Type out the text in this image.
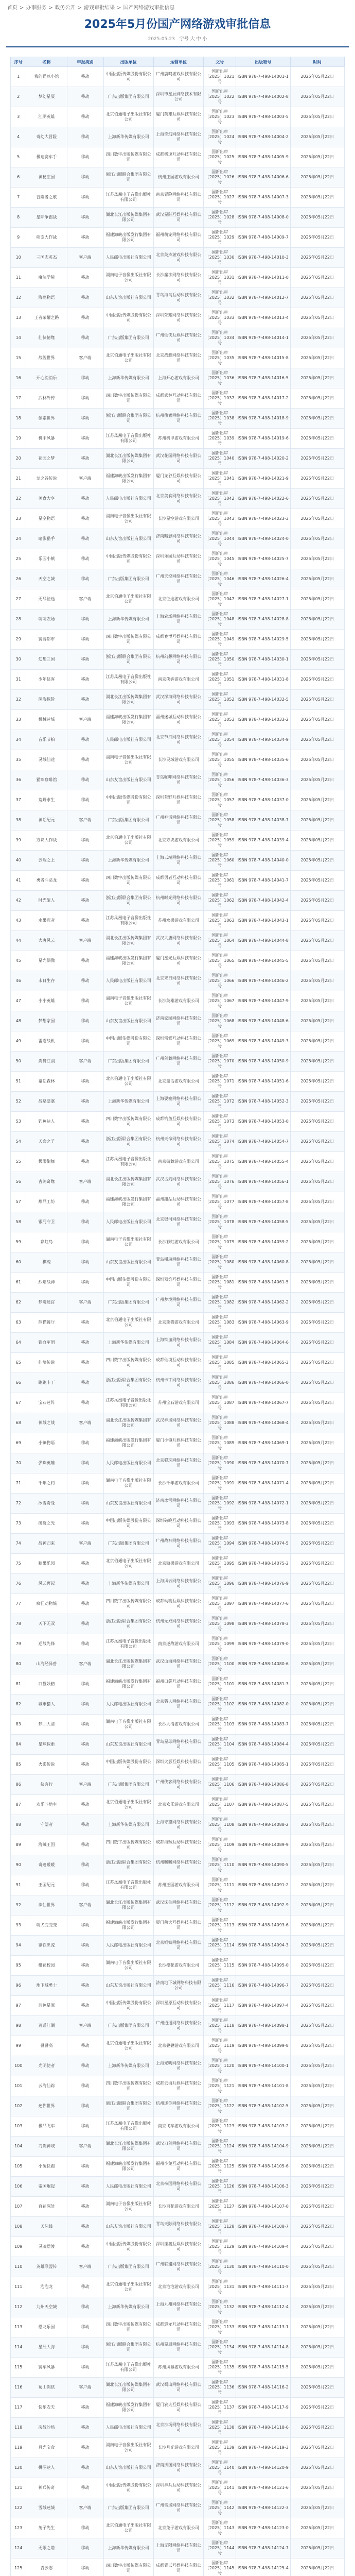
首页 > 办事服务 > 政务公开 > 游戏审批结果 > 国产网络游戏审批信息
2025年5月份国产网络游戏审批信息
2025-05-23 字号 大 中 小
序号	名称	申报类别	出版单位	运营单位	文号	出版物号	时间
1	我的猫咪小馆	移动	中国出版传媒股份有限公司	广州鹿鸣游戏科技有限公司	国新出审〔2025〕1021号	ISBN 978-7-498-14001-1	2025年05月22日
2	梦幻星辰	移动	广东出版集团有限公司	深圳市星辰网络技术有限公司	国新出审〔2025〕1022号	ISBN 978-7-498-14002-8	2025年05月22日
3	江湖英雄	移动	北京伯通电子出版社有限公司	厦门英雄互娱科技有限公司	国新出审〔2025〕1023号	ISBN 978-7-498-14003-5	2025年05月22日
4	奇幻大冒险	移动	上海新华传媒有限公司	上海奇幻网络科技有限公司	国新出审〔2025〕1024号	ISBN 978-7-498-14004-2	2025年05月22日
5	极速赛车手	移动	四川数字出版传媒有限公司	成都极速互动科技有限公司	国新出审〔2025〕1025号	ISBN 978-7-498-14005-9	2025年05月22日
6	神秘庄园	移动	浙江出版联合集团有限公司	杭州庄园游戏有限公司	国新出审〔2025〕1026号	ISBN 978-7-498-14006-6	2025年05月22日
7	冒险者之歌	移动	江苏凤凰电子音像出版社有限公司	南京冒险网络科技有限公司	国新出审〔2025〕1027号	ISBN 978-7-498-14007-3	2025年05月22日
8	星际争霸战	移动	湖北长江出版传媒集团有限公司	武汉星际互娱科技有限公司	国新出审〔2025〕1028号	ISBN 978-7-498-14008-0	2025年05月22日
9	萌宠大作战	移动	福建海峡出版发行集团有限公司	福州萌宠网络科技有限公司	国新出审〔2025〕1029号	ISBN 978-7-498-14009-7	2025年05月22日
10	三国志英杰	客户端	人民邮电出版社有限公司	北京英杰游戏科技有限公司	国新出审〔2025〕1030号	ISBN 978-7-498-14010-3	2025年05月22日
11	魔法学院	移动	湖南电子音像出版社有限公司	长沙魔法网络科技有限公司	国新出审〔2025〕1031号	ISBN 978-7-498-14011-0	2025年05月22日
12	海岛物语	移动	山东友谊出版社有限公司	青岛海岛互动科技有限公司	国新出审〔2025〕1032号	ISBN 978-7-498-14012-7	2025年05月22日
13	王者荣耀之路	移动	中国出版传媒股份有限公司	深圳荣耀网络科技有限公司	国新出审〔2025〕1033号	ISBN 978-7-498-14013-4	2025年05月22日
14	仙侠情缘	移动	广东出版集团有限公司	广州仙侠互娱科技有限公司	国新出审〔2025〕1034号	ISBN 978-7-498-14014-1	2025年05月22日
15	战舰世界	客户端	北京伯通电子出版社有限公司	北京战舰网络科技有限公司	国新出审〔2025〕1035号	ISBN 978-7-498-14015-8	2025年05月22日
16	开心消消乐	移动	上海新华传媒有限公司	上海开心游戏有限公司	国新出审〔2025〕1036号	ISBN 978-7-498-14016-5	2025年05月22日
17	武林外传	移动	四川数字出版传媒有限公司	成都武林互动科技有限公司	国新出审〔2025〕1037号	ISBN 978-7-498-14017-2	2025年05月22日
18	像素世界	移动	浙江出版联合集团有限公司	杭州像素网络科技有限公司	国新出审〔2025〕1038号	ISBN 978-7-498-14018-9	2025年05月22日
19	机甲风暴	移动	江苏凤凰电子音像出版社有限公司	苏州机甲游戏有限公司	国新出审〔2025〕1039号	ISBN 978-7-498-14019-6	2025年05月22日
20	花园之梦	移动	湖北长江出版传媒集团有限公司	武汉花园网络科技有限公司	国新出审〔2025〕1040号	ISBN 978-7-498-14020-2	2025年05月22日
21	龙之谷传说	客户端	福建海峡出版发行集团有限公司	厦门龙谷互娱科技有限公司	国新出审〔2025〕1041号	ISBN 978-7-498-14021-9	2025年05月22日
22	美食大亨	移动	人民邮电出版社有限公司	北京美食网络科技有限公司	国新出审〔2025〕1042号	ISBN 978-7-498-14022-6	2025年05月22日
23	星空物语	移动	湖南电子音像出版社有限公司	长沙星空游戏有限公司	国新出审〔2025〕1043号	ISBN 978-7-498-14023-3	2025年05月22日
24	暗影猎手	移动	山东友谊出版社有限公司	济南暗影网络科技有限公司	国新出审〔2025〕1044号	ISBN 978-7-498-14024-0	2025年05月22日
25	乐园小镇	移动	中国出版传媒股份有限公司	深圳乐园互动科技有限公司	国新出审〔2025〕1045号	ISBN 978-7-498-14025-7	2025年05月22日
26	天空之城	移动	广东出版集团有限公司	广州天空网络科技有限公司	国新出审〔2025〕1046号	ISBN 978-7-498-14026-4	2025年05月22日
27	无尽征途	客户端	北京伯通电子出版社有限公司	北京征途游戏有限公司	国新出审〔2025〕1047号	ISBN 978-7-498-14027-1	2025年05月22日
28	萌萌农场	移动	上海新华传媒有限公司	上海农场网络科技有限公司	国新出审〔2025〕1048号	ISBN 978-7-498-14028-8	2025年05月22日
29	赛博都市	移动	四川数字出版传媒有限公司	成都赛博互娱科技有限公司	国新出审〔2025〕1049号	ISBN 978-7-498-14029-5	2025年05月22日
30	幻想三国	移动	浙江出版联合集团有限公司	杭州幻想网络科技有限公司	国新出审〔2025〕1050号	ISBN 978-7-498-14030-1	2025年05月22日
31	少年侠客	移动	江苏凤凰电子音像出版社有限公司	南京侠客游戏有限公司	国新出审〔2025〕1051号	ISBN 978-7-498-14031-8	2025年05月22日
32	深海探险	移动	湖北长江出版传媒集团有限公司	武汉深海网络科技有限公司	国新出审〔2025〕1052号	ISBN 978-7-498-14032-5	2025年05月22日
33	机械迷城	客户端	福建海峡出版发行集团有限公司	福州迷城互动科技有限公司	国新出审〔2025〕1053号	ISBN 978-7-498-14033-2	2025年05月22日
34	音乐节拍	移动	人民邮电出版社有限公司	北京节拍网络科技有限公司	国新出审〔2025〕1054号	ISBN 978-7-498-14034-9	2025年05月22日
35	灵域仙途	移动	湖南电子音像出版社有限公司	长沙灵域游戏有限公司	国新出审〔2025〕1055号	ISBN 978-7-498-14035-6	2025年05月22日
36	猫咪咖啡馆	移动	山东友谊出版社有限公司	青岛咖啡网络科技有限公司	国新出审〔2025〕1056号	ISBN 978-7-498-14036-3	2025年05月22日
37	荒野求生	移动	中国出版传媒股份有限公司	深圳荒野互娱科技有限公司	国新出审〔2025〕1057号	ISBN 978-7-498-14037-0	2025年05月22日
38	神话纪元	客户端	广东出版集团有限公司	广州神话网络科技有限公司	国新出审〔2025〕1058号	ISBN 978-7-498-14038-7	2025年05月22日
39	方块大作战	移动	北京伯通电子出版社有限公司	北京方块游戏有限公司	国新出审〔2025〕1059号	ISBN 978-7-498-14039-4	2025年05月22日
40	云端之上	移动	上海新华传媒有限公司	上海云端网络科技有限公司	国新出审〔2025〕1060号	ISBN 978-7-498-14040-0	2025年05月22日
41	勇者斗恶龙	移动	四川数字出版传媒有限公司	成都勇者互动科技有限公司	国新出审〔2025〕1061号	ISBN 978-7-498-14041-7	2025年05月22日
42	时光旅人	移动	浙江出版联合集团有限公司	杭州时光网络科技有限公司	国新出审〔2025〕1062号	ISBN 978-7-498-14042-4	2025年05月22日
43	水果忍者	移动	江苏凤凰电子音像出版社有限公司	苏州水果游戏有限公司	国新出审〔2025〕1063号	ISBN 978-7-498-14043-1	2025年05月22日
44	大唐风云	客户端	湖北长江出版传媒集团有限公司	武汉大唐网络科技有限公司	国新出审〔2025〕1064号	ISBN 978-7-498-14044-8	2025年05月22日
45	星光偶像	移动	福建海峡出版发行集团有限公司	厦门星光互娱科技有限公司	国新出审〔2025〕1065号	ISBN 978-7-498-14045-5	2025年05月22日
46	末日生存	移动	人民邮电出版社有限公司	北京末日网络科技有限公司	国新出审〔2025〕1066号	ISBN 978-7-498-14046-2	2025年05月22日
47	小小英雄	移动	湖南电子音像出版社有限公司	长沙英雄游戏有限公司	国新出审〔2025〕1067号	ISBN 978-7-498-14047-9	2025年05月22日
48	梦想家园	移动	山东友谊出版社有限公司	济南家园网络科技有限公司	国新出审〔2025〕1068号	ISBN 978-7-498-14048-6	2025年05月22日
49	雷霆战机	移动	中国出版传媒股份有限公司	深圳雷霆互动科技有限公司	国新出审〔2025〕1069号	ISBN 978-7-498-14049-3	2025年05月22日
50	剑舞江湖	客户端	广东出版集团有限公司	广州剑舞网络科技有限公司	国新出审〔2025〕1070号	ISBN 978-7-498-14050-9	2025年05月22日
51	童话森林	移动	北京伯通电子出版社有限公司	北京童话游戏有限公司	国新出审〔2025〕1071号	ISBN 978-7-498-14051-6	2025年05月22日
52	战略要塞	移动	上海新华传媒有限公司	上海要塞网络科技有限公司	国新出审〔2025〕1072号	ISBN 978-7-498-14052-3	2025年05月22日
53	钓鱼达人	移动	四川数字出版传媒有限公司	成都钓鱼互娱科技有限公司	国新出审〔2025〕1073号	ISBN 978-7-498-14053-0	2025年05月22日
54	天命之子	移动	浙江出版联合集团有限公司	杭州天命网络科技有限公司	国新出审〔2025〕1074号	ISBN 978-7-498-14054-7	2025年05月22日
55	极限街舞	移动	江苏凤凰电子音像出版社有限公司	南京街舞游戏有限公司	国新出审〔2025〕1075号	ISBN 978-7-498-14055-4	2025年05月22日
56	古剑奇缘	客户端	湖北长江出版传媒集团有限公司	武汉古剑网络科技有限公司	国新出审〔2025〕1076号	ISBN 978-7-498-14056-1	2025年05月22日
57	甜品工坊	移动	福建海峡出版发行集团有限公司	福州甜品互动科技有限公司	国新出审〔2025〕1077号	ISBN 978-7-498-14057-8	2025年05月22日
58	银河守卫	移动	人民邮电出版社有限公司	北京银河网络科技有限公司	国新出审〔2025〕1078号	ISBN 978-7-498-14058-5	2025年05月22日
59	彩虹岛	移动	湖南电子音像出版社有限公司	长沙彩虹游戏有限公司	国新出审〔2025〕1079号	ISBN 978-7-498-14059-2	2025年05月22日
60	棋魂	移动	山东友谊出版社有限公司	青岛棋魂网络科技有限公司	国新出审〔2025〕1080号	ISBN 978-7-498-14060-8	2025年05月22日
61	烈焰战神	移动	中国出版传媒股份有限公司	深圳烈焰互娱科技有限公司	国新出审〔2025〕1081号	ISBN 978-7-498-14061-5	2025年05月22日
62	梦境迷宫	客户端	广东出版集团有限公司	广州梦境网络科技有限公司	国新出审〔2025〕1082号	ISBN 978-7-498-14062-2	2025年05月22日
63	熊猫餐厅	移动	北京伯通电子出版社有限公司	北京熊猫游戏有限公司	国新出审〔2025〕1083号	ISBN 978-7-498-14063-9	2025年05月22日
64	铁血军团	移动	上海新华传媒有限公司	上海铁血网络科技有限公司	国新出审〔2025〕1084号	ISBN 978-7-498-14064-6	2025年05月22日
65	仙境传说	移动	四川数字出版传媒有限公司	成都仙境互动科技有限公司	国新出审〔2025〕1085号	ISBN 978-7-498-14065-3	2025年05月22日
66	跑跑卡丁	移动	浙江出版联合集团有限公司	杭州卡丁网络科技有限公司	国新出审〔2025〕1086号	ISBN 978-7-498-14066-0	2025年05月22日
67	宝石迷阵	移动	江苏凤凰电子音像出版社有限公司	苏州宝石游戏有限公司	国新出审〔2025〕1087号	ISBN 978-7-498-14067-7	2025年05月22日
68	神域之战	客户端	湖北长江出版传媒集团有限公司	武汉神域网络科技有限公司	国新出审〔2025〕1088号	ISBN 978-7-498-14068-4	2025年05月22日
69	小镇物语	移动	福建海峡出版发行集团有限公司	厦门小镇互娱科技有限公司	国新出审〔2025〕1089号	ISBN 978-7-498-14069-1	2025年05月22日
70	弹珠英雄	移动	人民邮电出版社有限公司	北京弹珠网络科技有限公司	国新出审〔2025〕1090号	ISBN 978-7-498-14070-7	2025年05月22日
71	千年之约	移动	湖南电子音像出版社有限公司	长沙千年游戏有限公司	国新出审〔2025〕1091号	ISBN 978-7-498-14071-4	2025年05月22日
72	冰雪奇缘	移动	山东友谊出版社有限公司	济南冰雪网络科技有限公司	国新出审〔2025〕1092号	ISBN 978-7-498-14072-1	2025年05月22日
73	破晓之光	移动	中国出版传媒股份有限公司	深圳破晓互动科技有限公司	国新出审〔2025〕1093号	ISBN 978-7-498-14073-8	2025年05月22日
74	战神归来	客户端	广东出版集团有限公司	广州战神网络科技有限公司	国新出审〔2025〕1094号	ISBN 978-7-498-14074-5	2025年05月22日
75	糖果乐园	移动	北京伯通电子出版社有限公司	北京糖果游戏有限公司	国新出审〔2025〕1095号	ISBN 978-7-498-14075-2	2025年05月22日
76	风云再起	移动	上海新华传媒有限公司	上海风云网络科技有限公司	国新出审〔2025〕1096号	ISBN 978-7-498-14076-9	2025年05月22日
77	疯狂动物城	移动	四川数字出版传媒有限公司	成都动物互娱科技有限公司	国新出审〔2025〕1097号	ISBN 978-7-498-14077-6	2025年05月22日
78	天下无双	移动	浙江出版联合集团有限公司	杭州无双网络科技有限公司	国新出审〔2025〕1098号	ISBN 978-7-498-14078-3	2025年05月22日
79	逆战先锋	移动	江苏凤凰电子音像出版社有限公司	南京逆战游戏有限公司	国新出审〔2025〕1099号	ISBN 978-7-498-14079-0	2025年05月22日
80	山海经异兽	客户端	湖北长江出版传媒集团有限公司	武汉山海网络科技有限公司	国新出审〔2025〕1100号	ISBN 978-7-498-14080-6	2025年05月22日
81	口袋妖精	移动	福建海峡出版发行集团有限公司	福州口袋互动科技有限公司	国新出审〔2025〕1101号	ISBN 978-7-498-14081-3	2025年05月22日
82	城市猎人	移动	人民邮电出版社有限公司	北京猎人网络科技有限公司	国新出审〔2025〕1102号	ISBN 978-7-498-14082-0	2025年05月22日
83	梦回大清	移动	湖南电子音像出版社有限公司	长沙大清游戏有限公司	国新出审〔2025〕1103号	ISBN 978-7-498-14083-7	2025年05月22日
84	星球探索	移动	山东友谊出版社有限公司	青岛星球网络科技有限公司	国新出审〔2025〕1104号	ISBN 978-7-498-14084-4	2025年05月22日
85	火影传说	移动	中国出版传媒股份有限公司	深圳火影互娱科技有限公司	国新出审〔2025〕1105号	ISBN 978-7-498-14085-1	2025年05月22日
86	侠客行	客户端	广东出版集团有限公司	广州侠客网络科技有限公司	国新出审〔2025〕1106号	ISBN 978-7-498-14086-8	2025年05月22日
87	欢乐斗地主	移动	北京伯通电子出版社有限公司	北京欢乐游戏有限公司	国新出审〔2025〕1107号	ISBN 978-7-498-14087-5	2025年05月22日
88	守望者	移动	上海新华传媒有限公司	上海守望网络科技有限公司	国新出审〔2025〕1108号	ISBN 978-7-498-14088-2	2025年05月22日
89	海贼王国	移动	四川数字出版传媒有限公司	成都海贼互动科技有限公司	国新出审〔2025〕1109号	ISBN 978-7-498-14089-9	2025年05月22日
90	奇迹暖暖	移动	浙江出版联合集团有限公司	杭州暖暖网络科技有限公司	国新出审〔2025〕1110号	ISBN 978-7-498-14090-5	2025年05月22日
91	王国纪元	移动	江苏凤凰电子音像出版社有限公司	苏州王国游戏有限公司	国新出审〔2025〕1111号	ISBN 978-7-498-14091-2	2025年05月22日
92	诛仙世界	客户端	湖北长江出版传媒集团有限公司	武汉诛仙网络科技有限公司	国新出审〔2025〕1112号	ISBN 978-7-498-14092-9	2025年05月22日
93	萌犬变变变	移动	福建海峡出版发行集团有限公司	厦门萌犬互娱科技有限公司	国新出审〔2025〕1113号	ISBN 978-7-498-14093-6	2025年05月22日
94	钢铁洪流	移动	人民邮电出版社有限公司	北京钢铁网络科技有限公司	国新出审〔2025〕1114号	ISBN 978-7-498-14094-3	2025年05月22日
95	樱花校园	移动	湖南电子音像出版社有限公司	长沙樱花游戏有限公司	国新出审〔2025〕1115号	ISBN 978-7-498-14095-0	2025年05月22日
96	地下城勇士	移动	山东友谊出版社有限公司	济南地下城网络科技有限公司	国新出审〔2025〕1116号	ISBN 978-7-498-14096-7	2025年05月22日
97	蓝色星原	移动	中国出版传媒股份有限公司	深圳星原互动科技有限公司	国新出审〔2025〕1117号	ISBN 978-7-498-14097-4	2025年05月22日
98	逍遥江湖	客户端	广东出版集团有限公司	广州逍遥网络科技有限公司	国新出审〔2025〕1118号	ISBN 978-7-498-14098-1	2025年05月22日
99	叠叠高	移动	北京伯通电子出版社有限公司	北京叠叠游戏有限公司	国新出审〔2025〕1119号	ISBN 978-7-498-14099-8	2025年05月22日
100	光明使者	移动	上海新华传媒有限公司	上海光明网络科技有限公司	国新出审〔2025〕1120号	ISBN 978-7-498-14100-1	2025年05月22日
101	云海仙踪	移动	四川数字出版传媒有限公司	成都云海互娱科技有限公司	国新出审〔2025〕1121号	ISBN 978-7-498-14101-8	2025年05月22日
102	迷你世界	移动	浙江出版联合集团有限公司	杭州迷你网络科技有限公司	国新出审〔2025〕1122号	ISBN 978-7-498-14102-5	2025年05月22日
103	极品飞车	移动	江苏凤凰电子音像出版社有限公司	南京飞车游戏有限公司	国新出审〔2025〕1123号	ISBN 978-7-498-14103-2	2025年05月22日
104	刀剑神域	客户端	湖北长江出版传媒集团有限公司	武汉刀剑网络科技有限公司	国新出审〔2025〕1124号	ISBN 978-7-498-14104-9	2025年05月22日
105	小兔快跑	移动	福建海峡出版发行集团有限公司	福州小兔互动科技有限公司	国新出审〔2025〕1125号	ISBN 978-7-498-14105-6	2025年05月22日
106	帝国崛起	移动	人民邮电出版社有限公司	北京帝国网络科技有限公司	国新出审〔2025〕1126号	ISBN 978-7-498-14106-3	2025年05月22日
107	百花深处	移动	湖南电子音像出版社有限公司	长沙百花游戏有限公司	国新出审〔2025〕1127号	ISBN 978-7-498-14107-0	2025年05月22日
108	天际线	移动	山东友谊出版社有限公司	青岛天际网络科技有限公司	国新出审〔2025〕1128号	ISBN 978-7-498-14108-7	2025年05月22日
109	灵魂摆渡	移动	中国出版传媒股份有限公司	深圳摆渡互娱科技有限公司	国新出审〔2025〕1129号	ISBN 978-7-498-14109-4	2025年05月22日
110	英雄联盟传	客户端	广东出版集团有限公司	广州联盟网络科技有限公司	国新出审〔2025〕1130号	ISBN 978-7-498-14110-0	2025年05月22日
111	泡泡龙	移动	北京伯通电子出版社有限公司	北京泡泡游戏有限公司	国新出审〔2025〕1131号	ISBN 978-7-498-14111-7	2025年05月22日
112	九州天空城	移动	上海新华传媒有限公司	上海九州网络科技有限公司	国新出审〔2025〕1132号	ISBN 978-7-498-14112-4	2025年05月22日
113	恐龙乐园	移动	四川数字出版传媒有限公司	成都恐龙互动科技有限公司	国新出审〔2025〕1133号	ISBN 978-7-498-14113-1	2025年05月22日
114	星辰大海	移动	浙江出版联合集团有限公司	杭州星辰网络科技有限公司	国新出审〔2025〕1134号	ISBN 978-7-498-14114-8	2025年05月22日
115	赛车风暴	移动	江苏凤凰电子音像出版社有限公司	苏州风暴游戏有限公司	国新出审〔2025〕1135号	ISBN 978-7-498-14115-5	2025年05月22日
116	蜀山剑侠	客户端	湖北长江出版传媒集团有限公司	武汉蜀山网络科技有限公司	国新出审〔2025〕1136号	ISBN 978-7-498-14116-2	2025年05月22日
117	快乐农夫	移动	福建海峡出版发行集团有限公司	厦门农夫互娱科技有限公司	国新出审〔2025〕1137号	ISBN 978-7-498-14117-9	2025年05月22日
118	决战沙场	移动	人民邮电出版社有限公司	北京沙场网络科技有限公司	国新出审〔2025〕1138号	ISBN 978-7-498-14118-6	2025年05月22日
119	月光宝盒	移动	湖南电子音像出版社有限公司	长沙月光游戏有限公司	国新出审〔2025〕1139号	ISBN 978-7-498-14119-3	2025年05月22日
120	拼图达人	移动	山东友谊出版社有限公司	济南拼图网络科技有限公司	国新出审〔2025〕1140号	ISBN 978-7-498-14120-9	2025年05月22日
121	神兵传奇	移动	中国出版传媒股份有限公司	深圳神兵互动科技有限公司	国新出审〔2025〕1141号	ISBN 978-7-498-14121-6	2025年05月22日
122	雪域迷城	客户端	广东出版集团有限公司	广州雪域网络科技有限公司	国新出审〔2025〕1142号	ISBN 978-7-498-14122-3	2025年05月22日
123	兔子先生	移动	北京伯通电子出版社有限公司	北京兔子游戏有限公司	国新出审〔2025〕1143号	ISBN 978-7-498-14123-0	2025年05月22日
124	无限之塔	移动	上海新华传媒有限公司	上海无限网络科技有限公司	国新出审〔2025〕1144号	ISBN 978-7-498-14124-7	2025年05月22日
125	青云志	移动	四川数字出版传媒有限公司	成都青云互娱科技有限公司	国新出审〔2025〕1145号	ISBN 978-7-498-14125-4	2025年05月22日
